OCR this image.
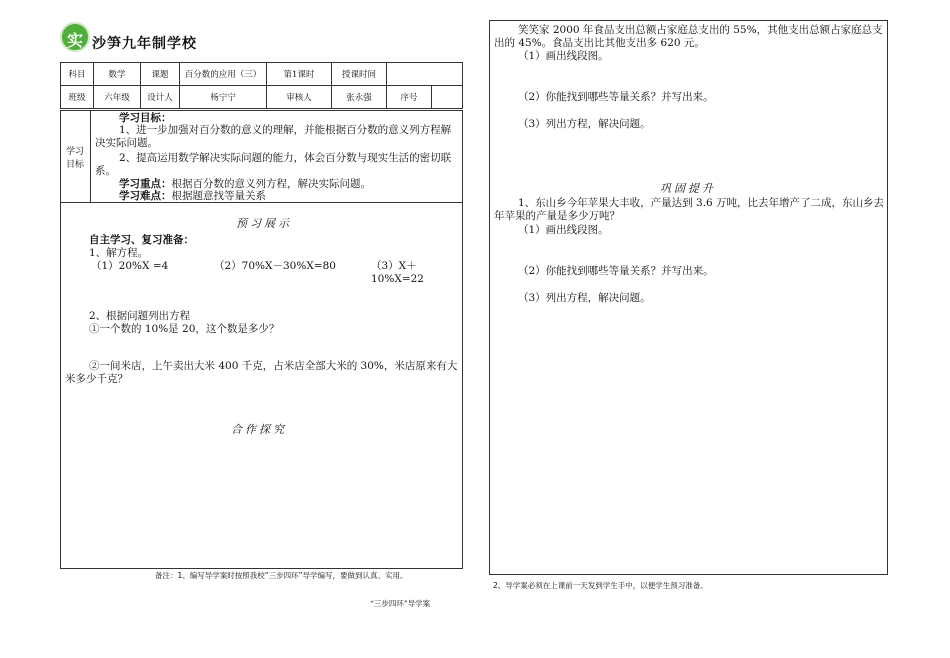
实 沙笋九年制学校
科目	数学	课题	百分数的应用（三）	第1课时	授课时间		
班级	六年级	设计人	杨宁宁	审核人	张永强	序号	
学习
目标
学习目标：
1、进一步加强对百分数的意义的理解，并能根据百分数的意义列方程解决实际问题。
2、提高运用数学解决实际问题的能力，体会百分数与现实生活的密切联系。
学习重点：根据百分数的意义列方程，解决实际问题。
学习难点：根据题意找等量关系
预习展示
自主学习、复习准备：
1、解方程。
（1）20%X =4	（2）70%X－30%X=80	（3）X＋10%X=22
2、根据问题列出方程
①一个数的 10%是 20，这个数是多少？
②一间米店，上午卖出大米 400 千克，占米店全部大米的 30%，米店原来有大米多少千克？
合作探究
笑笑家 2000 年食品支出总额占家庭总支出的 55%，其他支出总额占家庭总支出的 45%。食品支出比其他支出多 620 元。
（1）画出线段图。
（2）你能找到哪些等量关系？并写出来。
（3）列出方程，解决问题。
巩固提升
1、东山乡今年苹果大丰收，产量达到 3.6 万吨，比去年增产了二成，东山乡去年苹果的产量是多少万吨？
（1）画出线段图。
（2）你能找到哪些等量关系？并写出来。
（3）列出方程，解决问题。
备注：1、编写导学案时按照我校“三步四环”导学编写，要做到认真、实用。
2、导学案必须在上课前一天发到学生手中，以便学生预习准备。
“三步四环”导学案
